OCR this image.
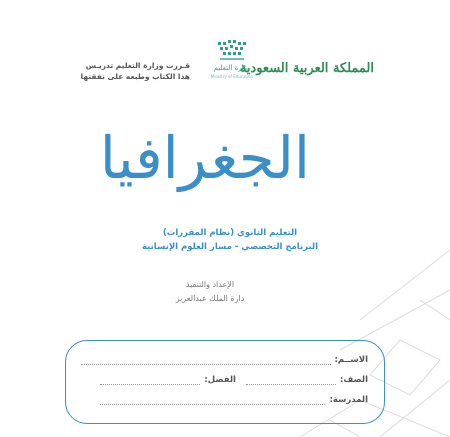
المملكة العربية السعودية
وزارة التعليم
Ministry of Education
قـررت وزارة التعليم تدريـس
هذا الكتاب وطبعه على نفقتها
الجغرافيا
التعليم الثانوي (نظام المقررات)
البرنامج التخصصي - مسار العلوم الإنسانية
الإعداد والتنفيذ
دارة الملك عبدالعزيز
الاســم:
الصف:
الفصل:
المدرسة:
